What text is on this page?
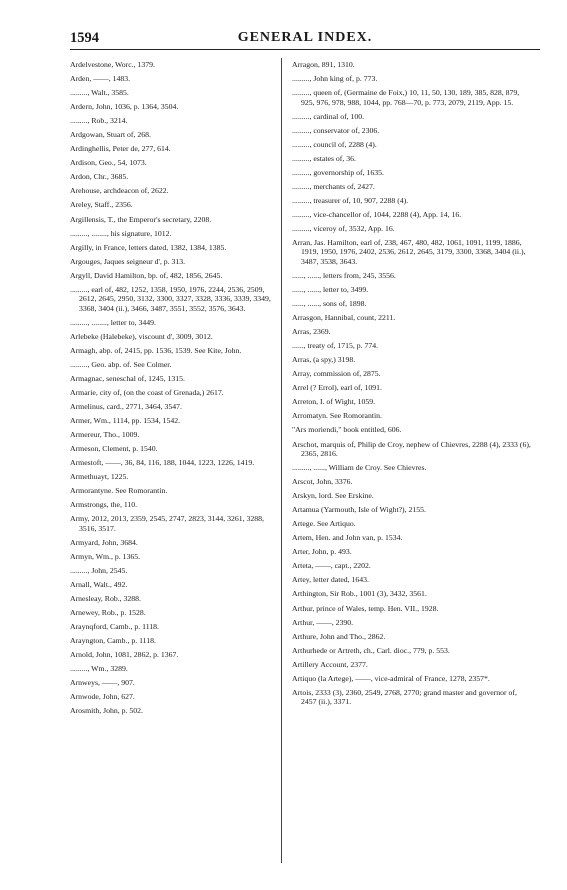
1594	GENERAL INDEX.
Ardelvestone, Worc., 1379.
Arden, ——, 1483.
........., Walt., 3585.
Ardern, John, 1036, p. 1364, 3504.
........., Rob., 3214.
Ardgowan, Stuart of, 268.
Ardinghellis, Peter de, 277, 614.
Ardison, Geo., 54, 1073.
Ardon, Chr., 3685.
Arehouse, archdeacon of, 2622.
Areley, Staff., 2356.
Argillensis, T., the Emperor's secretary, 2208.
........., ........, his signature, 1012.
Argilly, in France, letters dated, 1382, 1384, 1385.
Argouges, Jaques seigneur d', p. 313.
Argyll, David Hamilton, bp. of, 482, 1856, 2645.
........., earl of, 482, 1252, 1358, 1950, 1976, 2244, 2536, 2509, 2612, 2645, 2950, 3132, 3300, 3327, 3328, 3336, 3339, 3349, 3368, 3404 (ii.), 3466, 3487, 3551, 3552, 3576, 3643.
........., ........, letter to, 3449.
Arlebeke (Halebeke), viscount d', 3009, 3012.
Armagh, abp. of, 2415, pp. 1536, 1539. See Kite, John.
........., Geo. abp. of. See Colmer.
Armagnac, seneschal of, 1245, 1315.
Armarie, city of, (on the coast of Grenada,) 2617.
Armelinus, card., 2771, 3464, 3547.
Armer, Wm., 1114, pp. 1534, 1542.
Armereur, Tho., 1009.
Armeson, Clement, p. 1540.
Armestoft, ——, 36, 84, 116, 188, 1044, 1223, 1226, 1419.
Armethuayt, 1225.
Armorantyne. See Romorantin.
Armstrongs, the, 110.
Army, 2012, 2013, 2359, 2545, 2747, 2823, 3144, 3261, 3288, 3516, 3517.
Armyard, John, 3684.
Armyn, Wm., p. 1365.
........., John, 2545.
Arnall, Walt., 492.
Arnesleay, Rob., 3288.
Arnewey, Rob., p. 1528.
Araynqford, Camb., p. 1118.
Arayngton, Camb., p. 1118.
Arnold, John, 1081, 2862, p. 1367.
........., Wm., 3289.
Arnweys, ——, 907.
Arnwode, John, 627.
Arosmith, John, p. 502.
Arragon, 891, 1310.
........., John king of, p. 773.
........., queen of, (Germaine de Foix,) 10, 11, 50, 130, 189, 385, 828, 879, 925, 976, 978, 988, 1044, pp. 768—70, p. 773, 2079, 2119, App. 15.
........., cardinal of, 100.
........., conservator of, 2306.
........., council of, 2288 (4).
........., estates of, 36.
........., governorship of, 1635.
........., merchants of, 2427.
........., treasurer of, 10, 907, 2288 (4).
........., vice-chancellor of, 1044, 2288 (4), App. 14, 16.
........., viceroy of, 3532, App. 16.
Arran, Jas. Hamilton, earl of, 238, 467, 480, 482, 1061, 1091, 1199, 1886, 1919, 1950, 1976, 2402, 2536, 2612, 2645, 3179, 3300, 3368, 3404 (ii.), 3487, 3538, 3643.
......, ......, letters from, 245, 3556.
......, ......, letter to, 3499.
......, ......, sons of, 1898.
Arrasgon, Hannibal, count, 2211.
Arras, 2369.
......, treaty of, 1715, p. 774.
Arras, (a spy,) 3198.
Array, commission of, 2875.
Arrel (? Errol), earl of, 1091.
Arreton, I. of Wight, 1059.
Arromatyn. See Romorantin.
"Ars moriendi," book entitled, 606.
Arschot, marquis of, Philip de Croy, nephew of Chievres, 2288 (4), 2333 (6), 2365, 2816.
........., ......, William de Croy. See Chievres.
Arscot, John, 3376.
Arskyn, lord. See Erskine.
Artamua (Yarmouth, Isle of Wight?), 2155.
Artege. See Artiquo.
Artem, Hen. and John van, p. 1534.
Arter, John, p. 493.
Arteta, ——, capt., 2202.
Artey, letter dated, 1643.
Arthington, Sir Rob., 1001 (3), 3432, 3561.
Arthur, prince of Wales, temp. Hen. VII., 1928.
Arthur, ——, 2390.
Arthure, John and Tho., 2862.
Arthurhede or Artreth, ch., Carl. dioc., 779, p. 553.
Artillery Account, 2377.
Artiquo (la Artege), ——, vice-admiral of France, 1278, 2357*.
Artois, 2333 (3), 2360, 2549, 2768, 2770; grand master and governor of, 2457 (ii.), 3371.
